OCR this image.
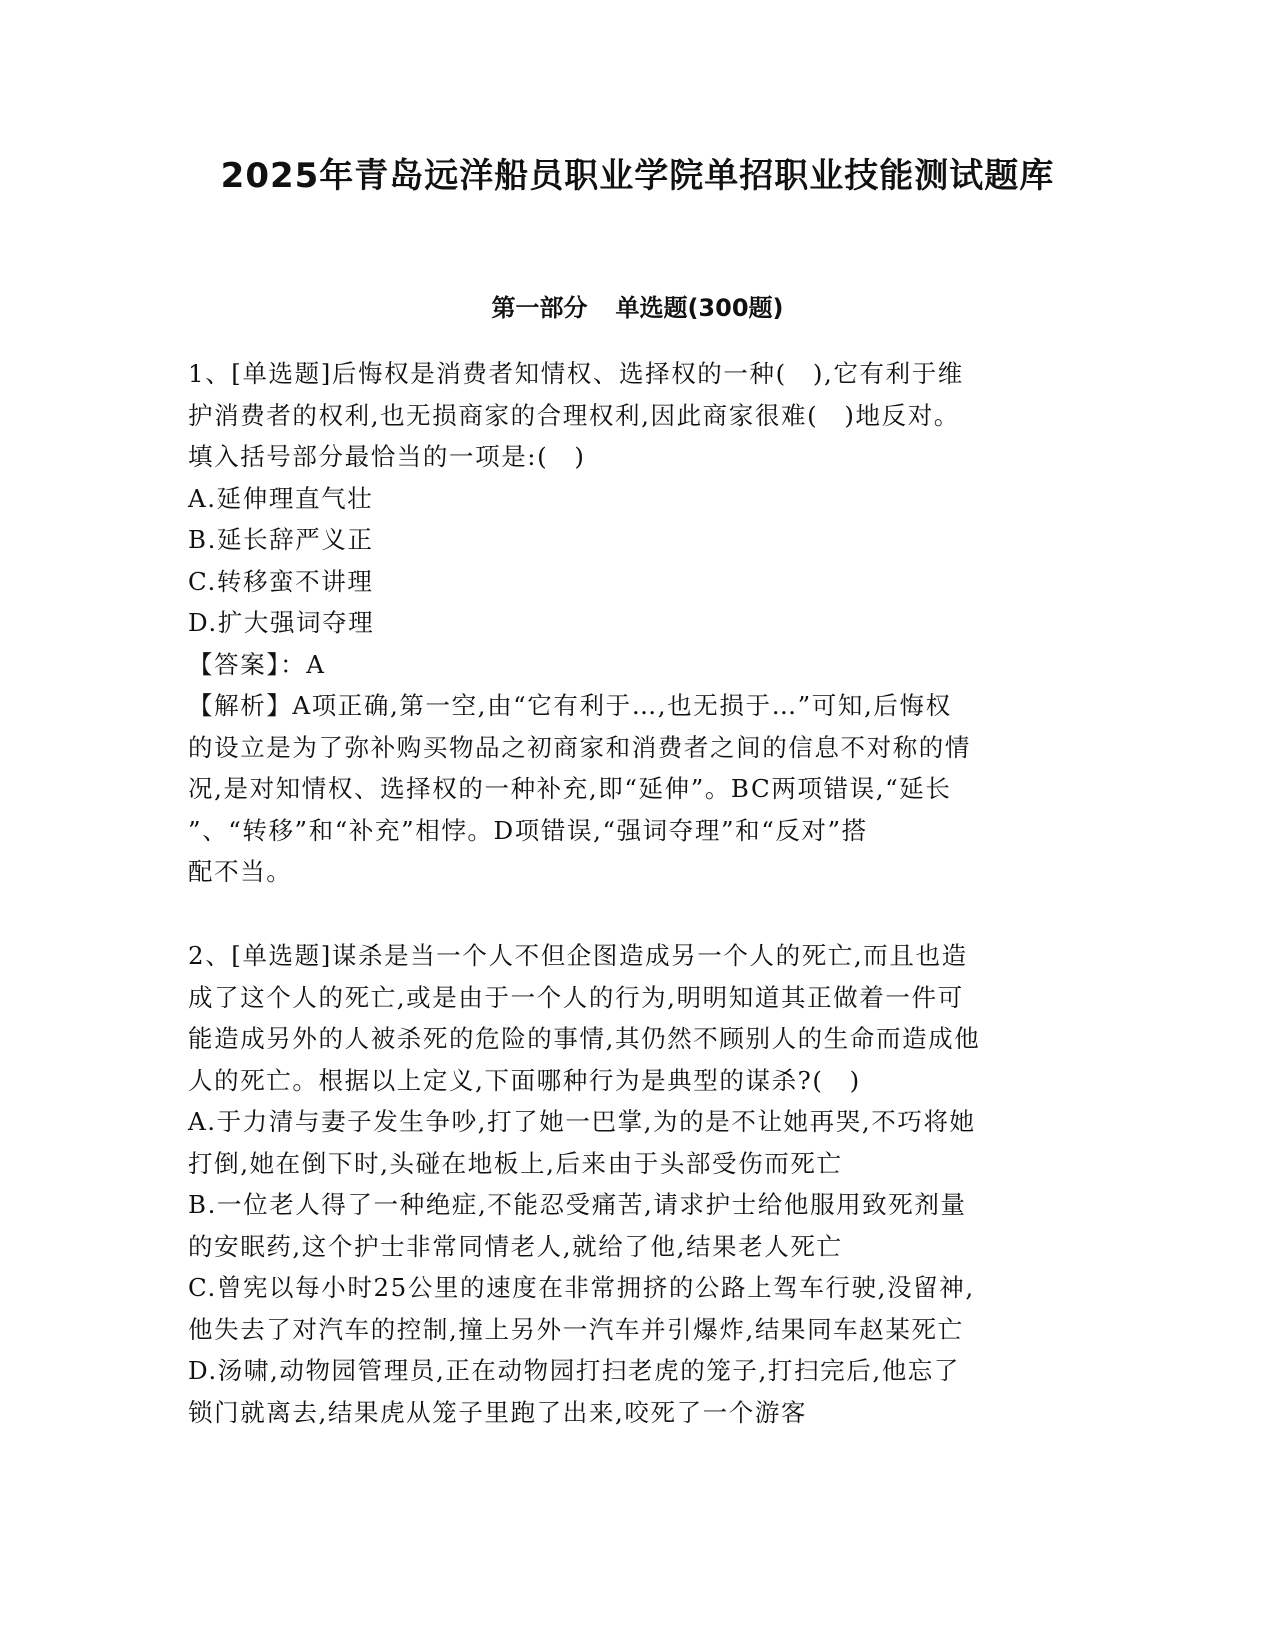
2025年青岛远洋船员职业学院单招职业技能测试题库
第一部分 单选题(300题)
1、[单选题]后悔权是消费者知情权、选择权的一种(　),它有利于维
护消费者的权利,也无损商家的合理权利,因此商家很难(　)地反对。
填入括号部分最恰当的一项是:(　)
A.延伸理直气壮
B.延长辞严义正
C.转移蛮不讲理
D.扩大强词夺理
【答案】：A
【解析】A项正确,第一空,由“它有利于…,也无损于…”可知,后悔权
的设立是为了弥补购买物品之初商家和消费者之间的信息不对称的情
况,是对知情权、选择权的一种补充,即“延伸”。BC两项错误,“延长
”、“转移”和“补充”相悖。D项错误,“强词夺理”和“反对”搭
配不当。
2、[单选题]谋杀是当一个人不但企图造成另一个人的死亡,而且也造
成了这个人的死亡,或是由于一个人的行为,明明知道其正做着一件可
能造成另外的人被杀死的危险的事情,其仍然不顾别人的生命而造成他
人的死亡。根据以上定义,下面哪种行为是典型的谋杀?(　)
A.于力清与妻子发生争吵,打了她一巴掌,为的是不让她再哭,不巧将她
打倒,她在倒下时,头碰在地板上,后来由于头部受伤而死亡
B.一位老人得了一种绝症,不能忍受痛苦,请求护士给他服用致死剂量
的安眠药,这个护士非常同情老人,就给了他,结果老人死亡
C.曾宪以每小时25公里的速度在非常拥挤的公路上驾车行驶,没留神,
他失去了对汽车的控制,撞上另外一汽车并引爆炸,结果同车赵某死亡
D.汤啸,动物园管理员,正在动物园打扫老虎的笼子,打扫完后,他忘了
锁门就离去,结果虎从笼子里跑了出来,咬死了一个游客
